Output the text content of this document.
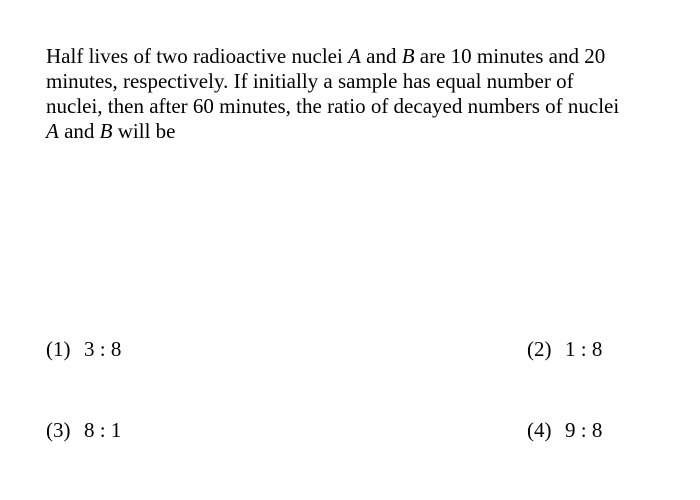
Half lives of two radioactive nuclei A and B are 10 minutes and 20 minutes, respectively. If initially a sample has equal number of nuclei, then after 60 minutes, the ratio of decayed numbers of nuclei A and B will be

(1) 3 : 8	(2) 1 : 8
(3) 8 : 1	(4) 9 : 8
